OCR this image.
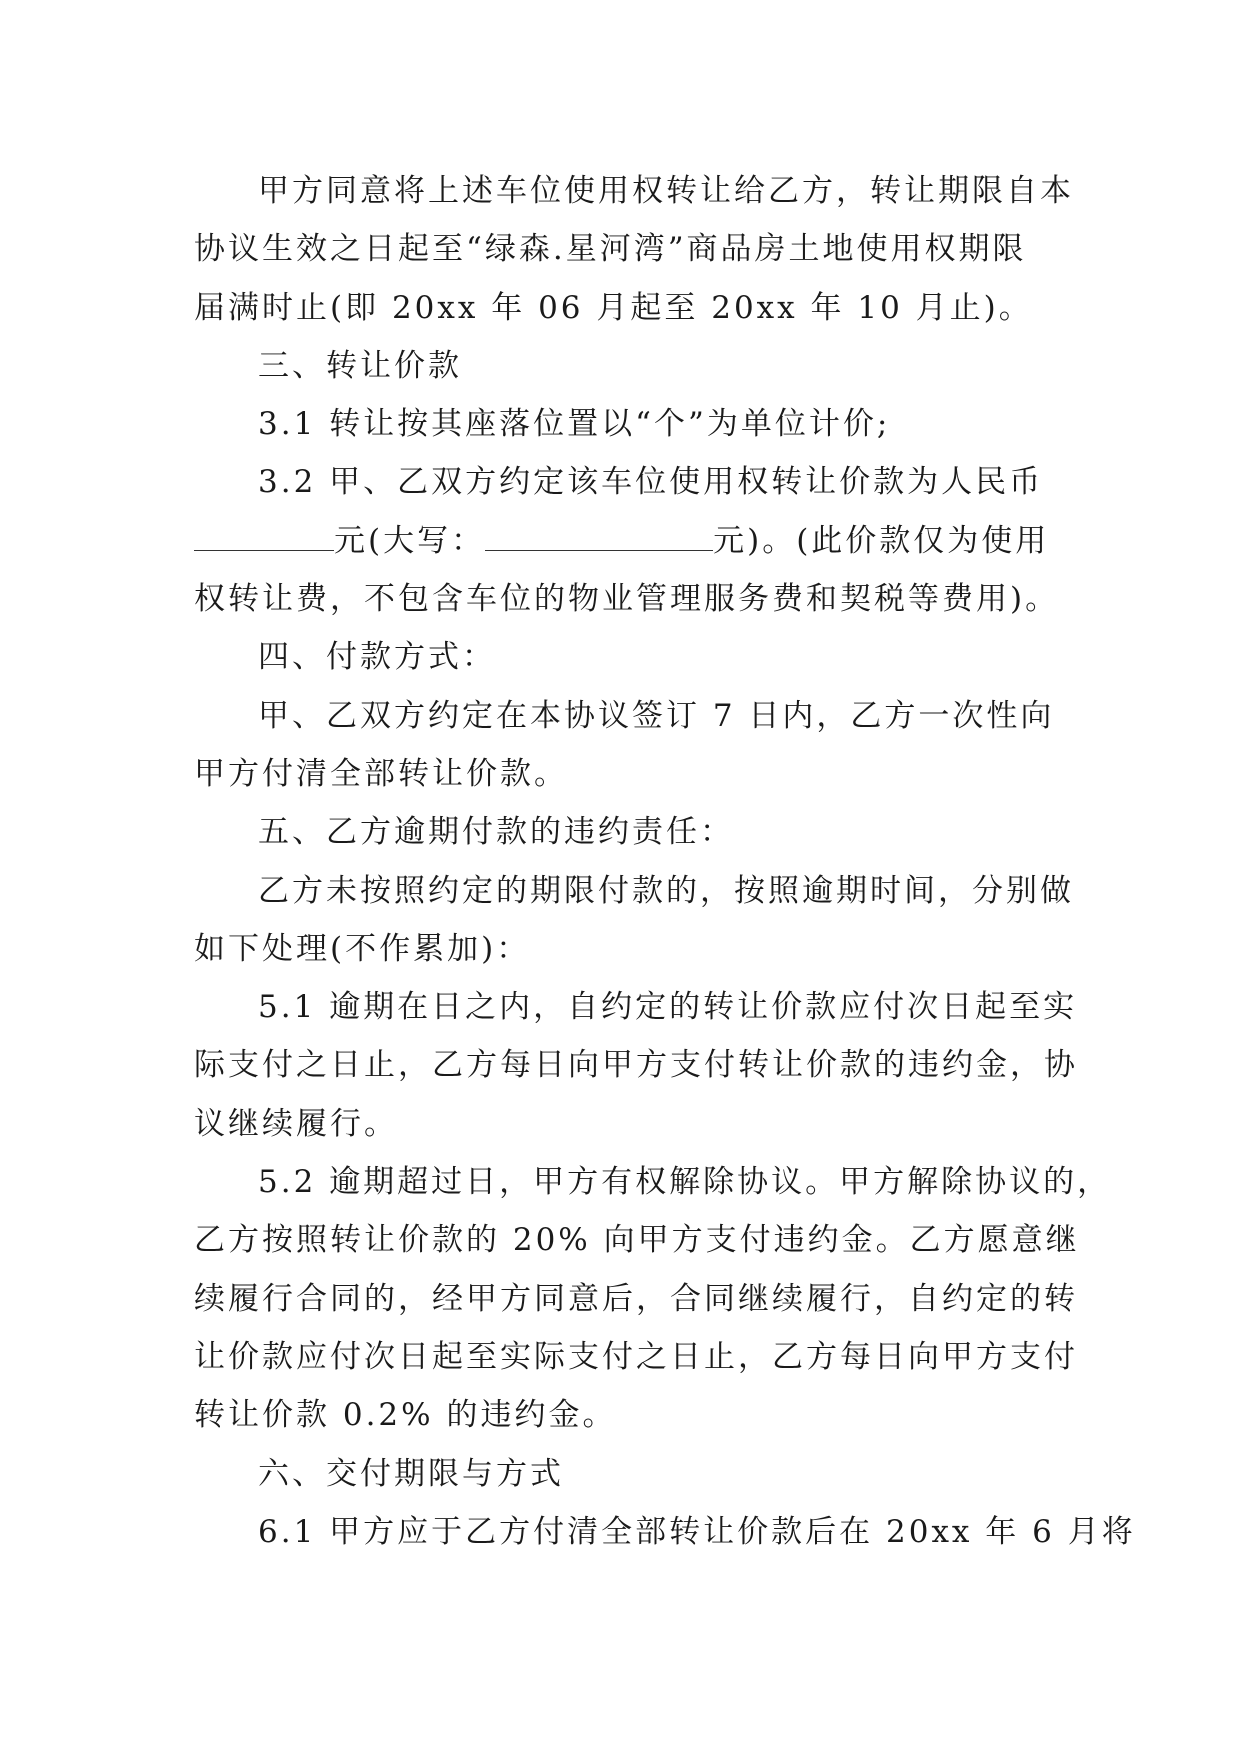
甲方同意将上述车位使用权转让给乙方，转让期限自本
协议生效之日起至“绿森.星河湾”商品房土地使用权期限
届满时止(即 20xx 年 06 月起至 20xx 年 10 月止)。
三、转让价款
3.1 转让按其座落位置以“个”为单位计价;
3.2 甲、乙双方约定该车位使用权转让价款为人民币
元(大写：	元)。(此价款仅为使用
权转让费，不包含车位的物业管理服务费和契税等费用)。
四、付款方式：
甲、乙双方约定在本协议签订 7 日内，乙方一次性向
甲方付清全部转让价款。
五、乙方逾期付款的违约责任：
乙方未按照约定的期限付款的，按照逾期时间，分别做
如下处理(不作累加)：
5.1 逾期在日之内，自约定的转让价款应付次日起至实
际支付之日止，乙方每日向甲方支付转让价款的违约金，协
议继续履行。
5.2 逾期超过日，甲方有权解除协议。甲方解除协议的，
乙方按照转让价款的 20% 向甲方支付违约金。乙方愿意继
续履行合同的，经甲方同意后，合同继续履行，自约定的转
让价款应付次日起至实际支付之日止，乙方每日向甲方支付
转让价款 0.2% 的违约金。
六、交付期限与方式
6.1 甲方应于乙方付清全部转让价款后在 20xx 年 6 月将
